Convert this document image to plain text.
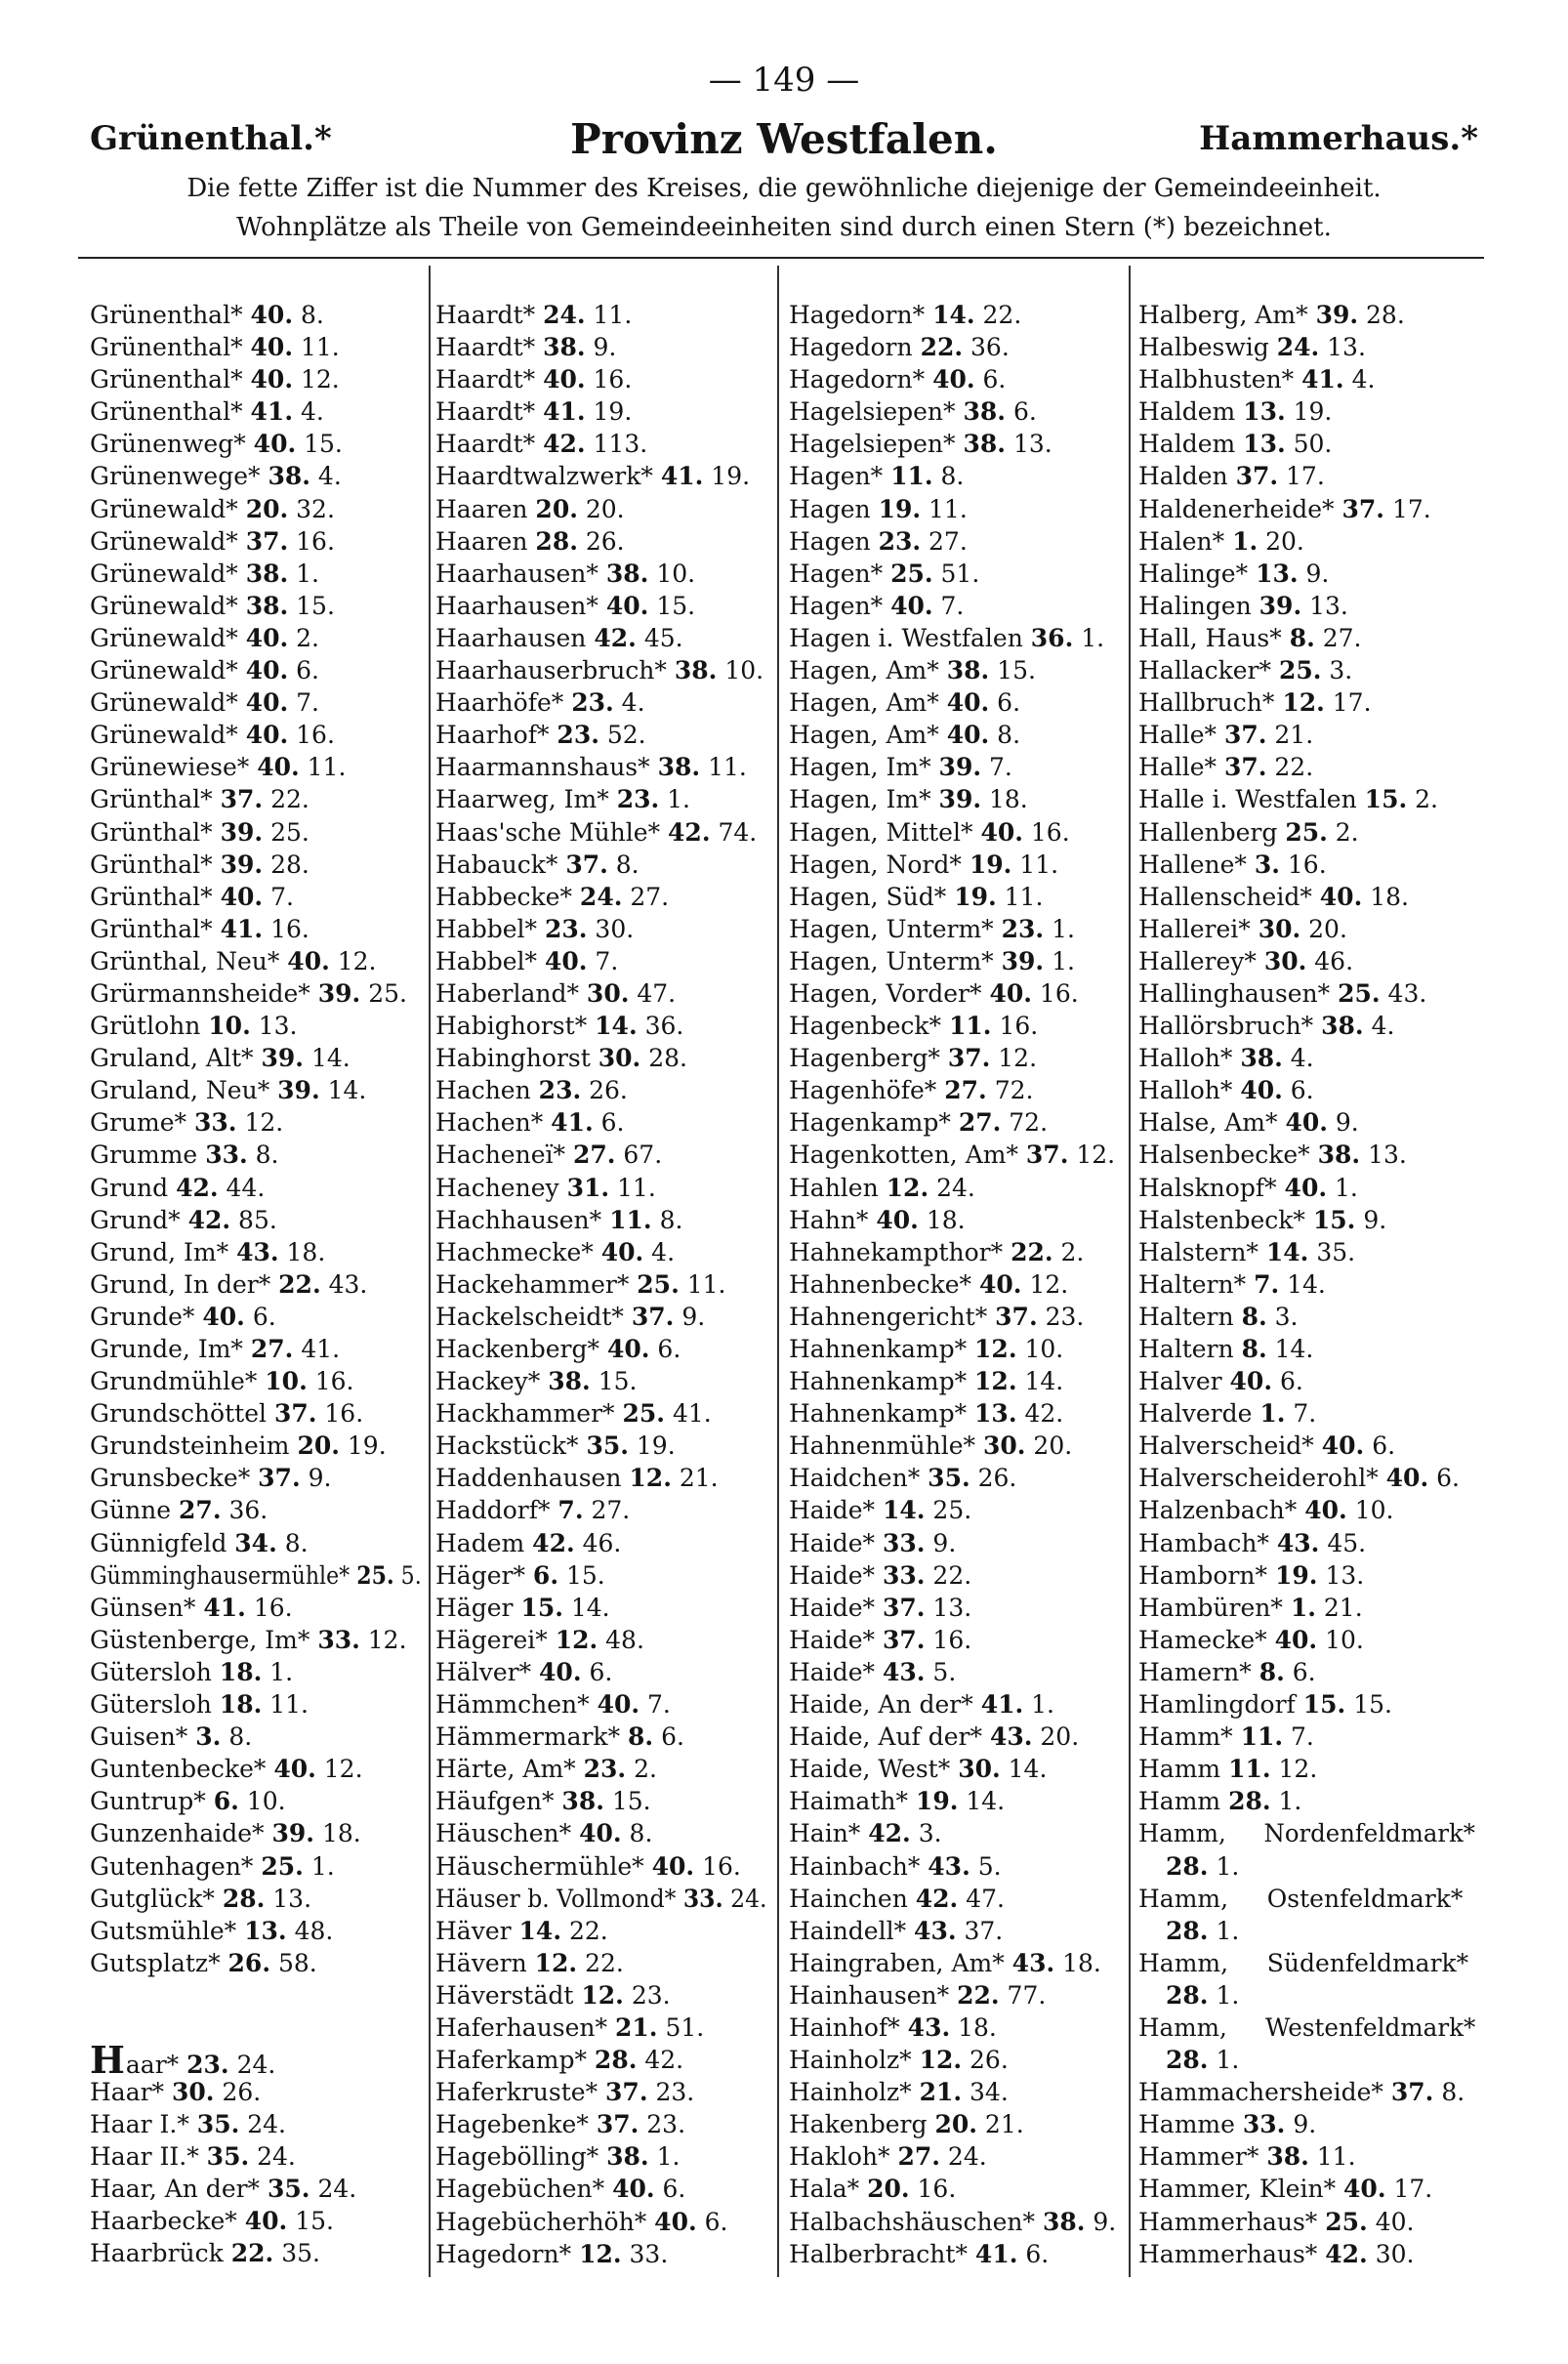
— 149 —
Grünenthal.*	Provinz Westfalen.	Hammerhaus.*
Die fette Ziffer ist die Nummer des Kreises, die gewöhnliche diejenige der Gemeindeeinheit.
Wohnplätze als Theile von Gemeindeeinheiten sind durch einen Stern (*) bezeichnet.
Grünenthal* 40. 8.
Grünenthal* 40. 11.
Grünenthal* 40. 12.
Grünenthal* 41. 4.
Grünenweg* 40. 15.
Grünenwege* 38. 4.
Grünewald* 20. 32.
Grünewald* 37. 16.
Grünewald* 38. 1.
Grünewald* 38. 15.
Grünewald* 40. 2.
Grünewald* 40. 6.
Grünewald* 40. 7.
Grünewald* 40. 16.
Grünewiese* 40. 11.
Grünthal* 37. 22.
Grünthal* 39. 25.
Grünthal* 39. 28.
Grünthal* 40. 7.
Grünthal* 41. 16.
Grünthal, Neu* 40. 12.
Grürmannsheide* 39. 25.
Grütlohn 10. 13.
Gruland, Alt* 39. 14.
Gruland, Neu* 39. 14.
Grume* 33. 12.
Grumme 33. 8.
Grund 42. 44.
Grund* 42. 85.
Grund, Im* 43. 18.
Grund, In der* 22. 43.
Grunde* 40. 6.
Grunde, Im* 27. 41.
Grundmühle* 10. 16.
Grundschöttel 37. 16.
Grundsteinheim 20. 19.
Grunsbecke* 37. 9.
Günne 27. 36.
Günnigfeld 34. 8.
Gümminghausermühle* 25. 5.
Günsen* 41. 16.
Güstenberge, Im* 33. 12.
Gütersloh 18. 1.
Gütersloh 18. 11.
Guisen* 3. 8.
Guntenbecke* 40. 12.
Guntrup* 6. 10.
Gunzenhaide* 39. 18.
Gutenhagen* 25. 1.
Gutglück* 28. 13.
Gutsmühle* 13. 48.
Gutsplatz* 26. 58.
Haar* 23. 24.
Haar* 30. 26.
Haar I.* 35. 24.
Haar II.* 35. 24.
Haar, An der* 35. 24.
Haarbecke* 40. 15.
Haarbrück 22. 35.
Haardt* 24. 11.
Haardt* 38. 9.
Haardt* 40. 16.
Haardt* 41. 19.
Haardt* 42. 113.
Haardtwalzwerk* 41. 19.
Haaren 20. 20.
Haaren 28. 26.
Haarhausen* 38. 10.
Haarhausen* 40. 15.
Haarhausen 42. 45.
Haarhauserbruch* 38. 10.
Haarhöfe* 23. 4.
Haarhof* 23. 52.
Haarmannshaus* 38. 11.
Haarweg, Im* 23. 1.
Haas'sche Mühle* 42. 74.
Habauck* 37. 8.
Habbecke* 24. 27.
Habbel* 23. 30.
Habbel* 40. 7.
Haberland* 30. 47.
Habighorst* 14. 36.
Habinghorst 30. 28.
Hachen 23. 26.
Hachen* 41. 6.
Hacheneï* 27. 67.
Hacheney 31. 11.
Hachhausen* 11. 8.
Hachmecke* 40. 4.
Hackehammer* 25. 11.
Hackelscheidt* 37. 9.
Hackenberg* 40. 6.
Hackey* 38. 15.
Hackhammer* 25. 41.
Hackstück* 35. 19.
Haddenhausen 12. 21.
Haddorf* 7. 27.
Hadem 42. 46.
Häger* 6. 15.
Häger 15. 14.
Hägerei* 12. 48.
Hälver* 40. 6.
Hämmchen* 40. 7.
Hämmermark* 8. 6.
Härte, Am* 23. 2.
Häufgen* 38. 15.
Häuschen* 40. 8.
Häuschermühle* 40. 16.
Häuser b. Vollmond* 33. 24.
Häver 14. 22.
Hävern 12. 22.
Häverstädt 12. 23.
Haferhausen* 21. 51.
Haferkamp* 28. 42.
Haferkruste* 37. 23.
Hagebenke* 37. 23.
Hagebölling* 38. 1.
Hagebüchen* 40. 6.
Hagebücherhöh* 40. 6.
Hagedorn* 12. 33.
Hagedorn* 14. 22.
Hagedorn 22. 36.
Hagedorn* 40. 6.
Hagelsiepen* 38. 6.
Hagelsiepen* 38. 13.
Hagen* 11. 8.
Hagen 19. 11.
Hagen 23. 27.
Hagen* 25. 51.
Hagen* 40. 7.
Hagen i. Westfalen 36. 1.
Hagen, Am* 38. 15.
Hagen, Am* 40. 6.
Hagen, Am* 40. 8.
Hagen, Im* 39. 7.
Hagen, Im* 39. 18.
Hagen, Mittel* 40. 16.
Hagen, Nord* 19. 11.
Hagen, Süd* 19. 11.
Hagen, Unterm* 23. 1.
Hagen, Unterm* 39. 1.
Hagen, Vorder* 40. 16.
Hagenbeck* 11. 16.
Hagenberg* 37. 12.
Hagenhöfe* 27. 72.
Hagenkamp* 27. 72.
Hagenkotten, Am* 37. 12.
Hahlen 12. 24.
Hahn* 40. 18.
Hahnekampthor* 22. 2.
Hahnenbecke* 40. 12.
Hahnengericht* 37. 23.
Hahnenkamp* 12. 10.
Hahnenkamp* 12. 14.
Hahnenkamp* 13. 42.
Hahnenmühle* 30. 20.
Haidchen* 35. 26.
Haide* 14. 25.
Haide* 33. 9.
Haide* 33. 22.
Haide* 37. 13.
Haide* 37. 16.
Haide* 43. 5.
Haide, An der* 41. 1.
Haide, Auf der* 43. 20.
Haide, West* 30. 14.
Haimath* 19. 14.
Hain* 42. 3.
Hainbach* 43. 5.
Hainchen 42. 47.
Haindell* 43. 37.
Haingraben, Am* 43. 18.
Hainhausen* 22. 77.
Hainhof* 43. 18.
Hainholz* 12. 26.
Hainholz* 21. 34.
Hakenberg 20. 21.
Hakloh* 27. 24.
Hala* 20. 16.
Halbachshäuschen* 38. 9.
Halberbracht* 41. 6.
Halberg, Am* 39. 28.
Halbeswig 24. 13.
Halbhusten* 41. 4.
Haldem 13. 19.
Haldem 13. 50.
Halden 37. 17.
Haldenerheide* 37. 17.
Halen* 1. 20.
Halinge* 13. 9.
Halingen 39. 13.
Hall, Haus* 8. 27.
Hallacker* 25. 3.
Hallbruch* 12. 17.
Halle* 37. 21.
Halle* 37. 22.
Halle i. Westfalen 15. 2.
Hallenberg 25. 2.
Hallene* 3. 16.
Hallenscheid* 40. 18.
Hallerei* 30. 20.
Hallerey* 30. 46.
Hallinghausen* 25. 43.
Hallörsbruch* 38. 4.
Halloh* 38. 4.
Halloh* 40. 6.
Halse, Am* 40. 9.
Halsenbecke* 38. 13.
Halsknopf* 40. 1.
Halstenbeck* 15. 9.
Halstern* 14. 35.
Haltern* 7. 14.
Haltern 8. 3.
Haltern 8. 14.
Halver 40. 6.
Halverde 1. 7.
Halverscheid* 40. 6.
Halverscheiderohl* 40. 6.
Halzenbach* 40. 10.
Hambach* 43. 45.
Hamborn* 19. 13.
Hambüren* 1. 21.
Hamecke* 40. 10.
Hamern* 8. 6.
Hamlingdorf 15. 15.
Hamm* 11. 7.
Hamm 11. 12.
Hamm 28. 1.
Hamm,     Nordenfeldmark*
28. 1.
Hamm,     Ostenfeldmark*
28. 1.
Hamm,     Südenfeldmark*
28. 1.
Hamm,     Westenfeldmark*
28. 1.
Hammachersheide* 37. 8.
Hamme 33. 9.
Hammer* 38. 11.
Hammer, Klein* 40. 17.
Hammerhaus* 25. 40.
Hammerhaus* 42. 30.
